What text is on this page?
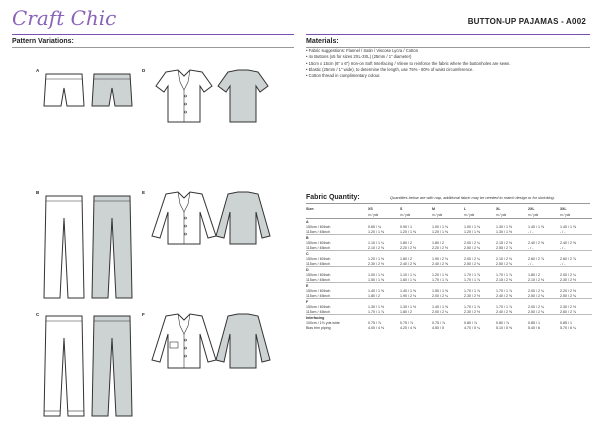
Craft Chic	BUTTON-UP PAJAMAS - A002
Pattern Variations:	Materials:
• Fabric suggestions: Flannel / Satin / Viscose Lycra / Cotton
• 4x Buttons (x5 for sizes 2XL-3XL) (25mm / 1" diameter)
• 15cm x 15cm (6" x 6") Iron-on Soft Interfacing / Vilene to reinforce the fabric where the buttonholes are sewn.
• Elastic (25mm / 1" wide), to determine the length, use 75% - 80% of waist circumference.
• Cotton thread in complimentary colour.
A	D
B	E
C	F
Fabric Quantity:	Quantities below are with nap, additional fabric may be needed to match design or for shrinking.
Size:	XS	S	M	L	XL	2XL	3XL
	m / yds	m / yds	m / yds	m / yds	m / yds	m / yds	m / yds
A							
150cm / 60inch	0.65 / ¾	0.90 / 1	1.00 / 1 ⅛	1.00 / 1 ⅛	1.30 / 1 ½	1.40 / 1 ⅝	1.40 / 1 ⅝
115cm / 45inch	1.20 / 1 ⅜	1.20 / 1 ⅜	1.20 / 1 ⅜	1.20 / 1 ⅜	1.30 / 1 ½	- / -	- / -
B							
150cm / 60inch	1.10 / 1 ¼	1.80 / 2	1.80 / 2	2.00 / 2 ¼	2.15 / 2 ⅜	2.40 / 2 ⅝	2.40 / 2 ⅝
115cm / 45inch	2.10 / 2 ⅜	2.20 / 2 ½	2.20 / 2 ½	2.50 / 2 ¾	2.55 / 2 ⅞	- / -	- / -
C							
150cm / 60inch	1.20 / 1 ⅜	1.80 / 2	1.90 / 2 ⅛	2.00 / 2 ¼	2.10 / 2 ⅜	2.60 / 2 ⅞	2.60 / 2 ⅞
115cm / 45inch	2.30 / 2 ½	2.40 / 2 ⅝	2.40 / 2 ⅝	2.50 / 2 ¾	2.50 / 2 ¾	- / -	- / -
D							
150cm / 60inch	1.00 / 1 ⅛	1.10 / 1 ¼	1.20 / 1 ⅜	1.70 / 1 ⅞	1.70 / 1 ⅞	1.80 / 2	2.00 / 2 ¼
115cm / 45inch	1.50 / 1 ⅝	1.60 / 1 ¾	1.70 / 1 ⅞	1.70 / 1 ⅞	2.15 / 2 ⅜	2.10 / 2 ⅜	2.30 / 2 ½
E							
150cm / 60inch	1.40 / 1 ⅝	1.40 / 1 ⅝	1.50 / 1 ⅝	1.70 / 1 ⅞	1.70 / 1 ⅞	2.00 / 2 ¼	2.20 / 2 ½
115cm / 45inch	1.80 / 2	1.90 / 2 ⅛	2.00 / 2 ¼	2.30 / 2 ½	2.40 / 2 ⅝	2.50 / 2 ¾	2.50 / 2 ¾
F							
150cm / 60inch	1.30 / 1 ½	1.30 / 1 ½	1.40 / 1 ⅝	1.70 / 1 ⅞	1.70 / 1 ⅞	2.00 / 2 ¼	2.30 / 2 ½
115cm / 45inch	1.70 / 1 ⅞	1.80 / 2	2.00 / 2 ¼	2.30 / 2 ½	2.40 / 2 ⅝	2.50 / 2 ¾	2.60 / 2 ⅞
Interfacing							
100cm / 1⅛ yds wide	0.75 / ⅞	0.75 / ⅞	0.75 / ⅞	0.80 / ⅞	0.80 / ⅞	0.85 / 1	0.85 / 1
Bias trim piping	4.00 / 4 ⅜	4.20 / 4 ⅝	4.50 / 5	4.70 / 5 ¼	5.10 / 5 ⅝	5.40 / 6	5.70 / 6 ¼
